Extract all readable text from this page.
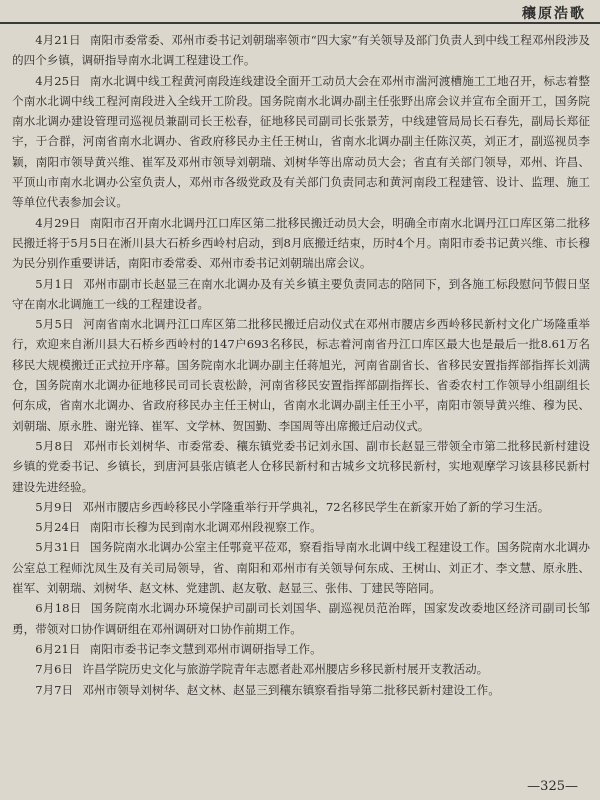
穰原浩歌

4月21日 南阳市委常委、邓州市委书记刘朝瑞率领市“四大家”有关领导及部门负责人到中线工程邓州段涉及的四个乡镇，调研指导南水北调工程建设工作。

4月25日 南水北调中线工程黄河南段连线建设全面开工动员大会在邓州市湍河渡槽施工工地召开，标志着整个南水北调中线工程河南段进入全线开工阶段。国务院南水北调办副主任张野出席会议并宣布全面开工，国务院南水北调办建设管理司巡视员兼副司长王松春，征地移民司副司长张景芳，中线建管局局长石春先，副局长郑征宇，于合群，河南省南水北调办、省政府移民办主任王树山，省南水北调办副主任陈汉英，刘正才，副巡视员李颖，南阳市领导黄兴维、崔军及邓州市领导刘朝瑞、刘树华等出席动员大会；省直有关部门领导，邓州、许昌、平顶山市南水北调办公室负责人，邓州市各级党政及有关部门负责同志和黄河南段工程建管、设计、监理、施工等单位代表参加会议。

4月29日 南阳市召开南水北调丹江口库区第二批移民搬迁动员大会，明确全市南水北调丹江口库区第二批移民搬迁将于5月5日在淅川县大石桥乡西岭村启动，到8月底搬迁结束，历时4个月。南阳市委书记黄兴维、市长穆为民分别作重要讲话，南阳市委常委、邓州市委书记刘朝瑞出席会议。

5月1日 邓州市副市长赵显三在南水北调办及有关乡镇主要负责同志的陪同下，到各施工标段慰问节假日坚守在南水北调施工一线的工程建设者。

5月5日 河南省南水北调丹江口库区第二批移民搬迁启动仪式在邓州市腰店乡西岭移民新村文化广场隆重举行，欢迎来自淅川县大石桥乡西岭村的147户693名移民，标志着河南省丹江口库区最大也是最后一批8.61万名移民大规模搬迁正式拉开序幕。国务院南水北调办副主任蒋旭光，河南省副省长、省移民安置指挥部指挥长刘满仓，国务院南水北调办征地移民司司长袁松龄，河南省移民安置指挥部副指挥长、省委农村工作领导小组副组长何东成，省南水北调办、省政府移民办主任王树山，省南水北调办副主任王小平，南阳市领导黄兴维、穆为民、刘朝瑞、原永胜、谢光锋、崔军、文学林、贺国勤、李国周等出席搬迁启动仪式。

5月8日 邓州市长刘树华、市委常委、穰东镇党委书记刘永国、副市长赵显三带领全市第二批移民新村建设乡镇的党委书记、乡镇长，到唐河县张店镇老人仓移民新村和古城乡文坑移民新村，实地观摩学习该县移民新村建设先进经验。

5月9日 邓州市腰店乡西岭移民小学隆重举行开学典礼，72名移民学生在新家开始了新的学习生活。

5月24日 南阳市长穆为民到南水北调邓州段视察工作。

5月31日 国务院南水北调办公室主任鄂竟平莅邓，察看指导南水北调中线工程建设工作。国务院南水北调办公室总工程师沈凤生及有关司局领导，省、南阳和邓州市有关领导何东成、王树山、刘正才、李文慧、原永胜、崔军、刘朝瑞、刘树华、赵文林、党建凯、赵友敬、赵显三、张伟、丁建民等陪同。

6月18日 国务院南水北调办环境保护司副司长刘国华、副巡视员范治晖，国家发改委地区经济司副司长邹勇，带领对口协作调研组在邓州调研对口协作前期工作。

6月21日 南阳市委书记李文慧到邓州市调研指导工作。

7月6日 许昌学院历史文化与旅游学院青年志愿者赴邓州腰店乡移民新村展开支教活动。

7月7日 邓州市领导刘树华、赵文林、赵显三到穰东镇察看指导第二批移民新村建设工作。

—325—
